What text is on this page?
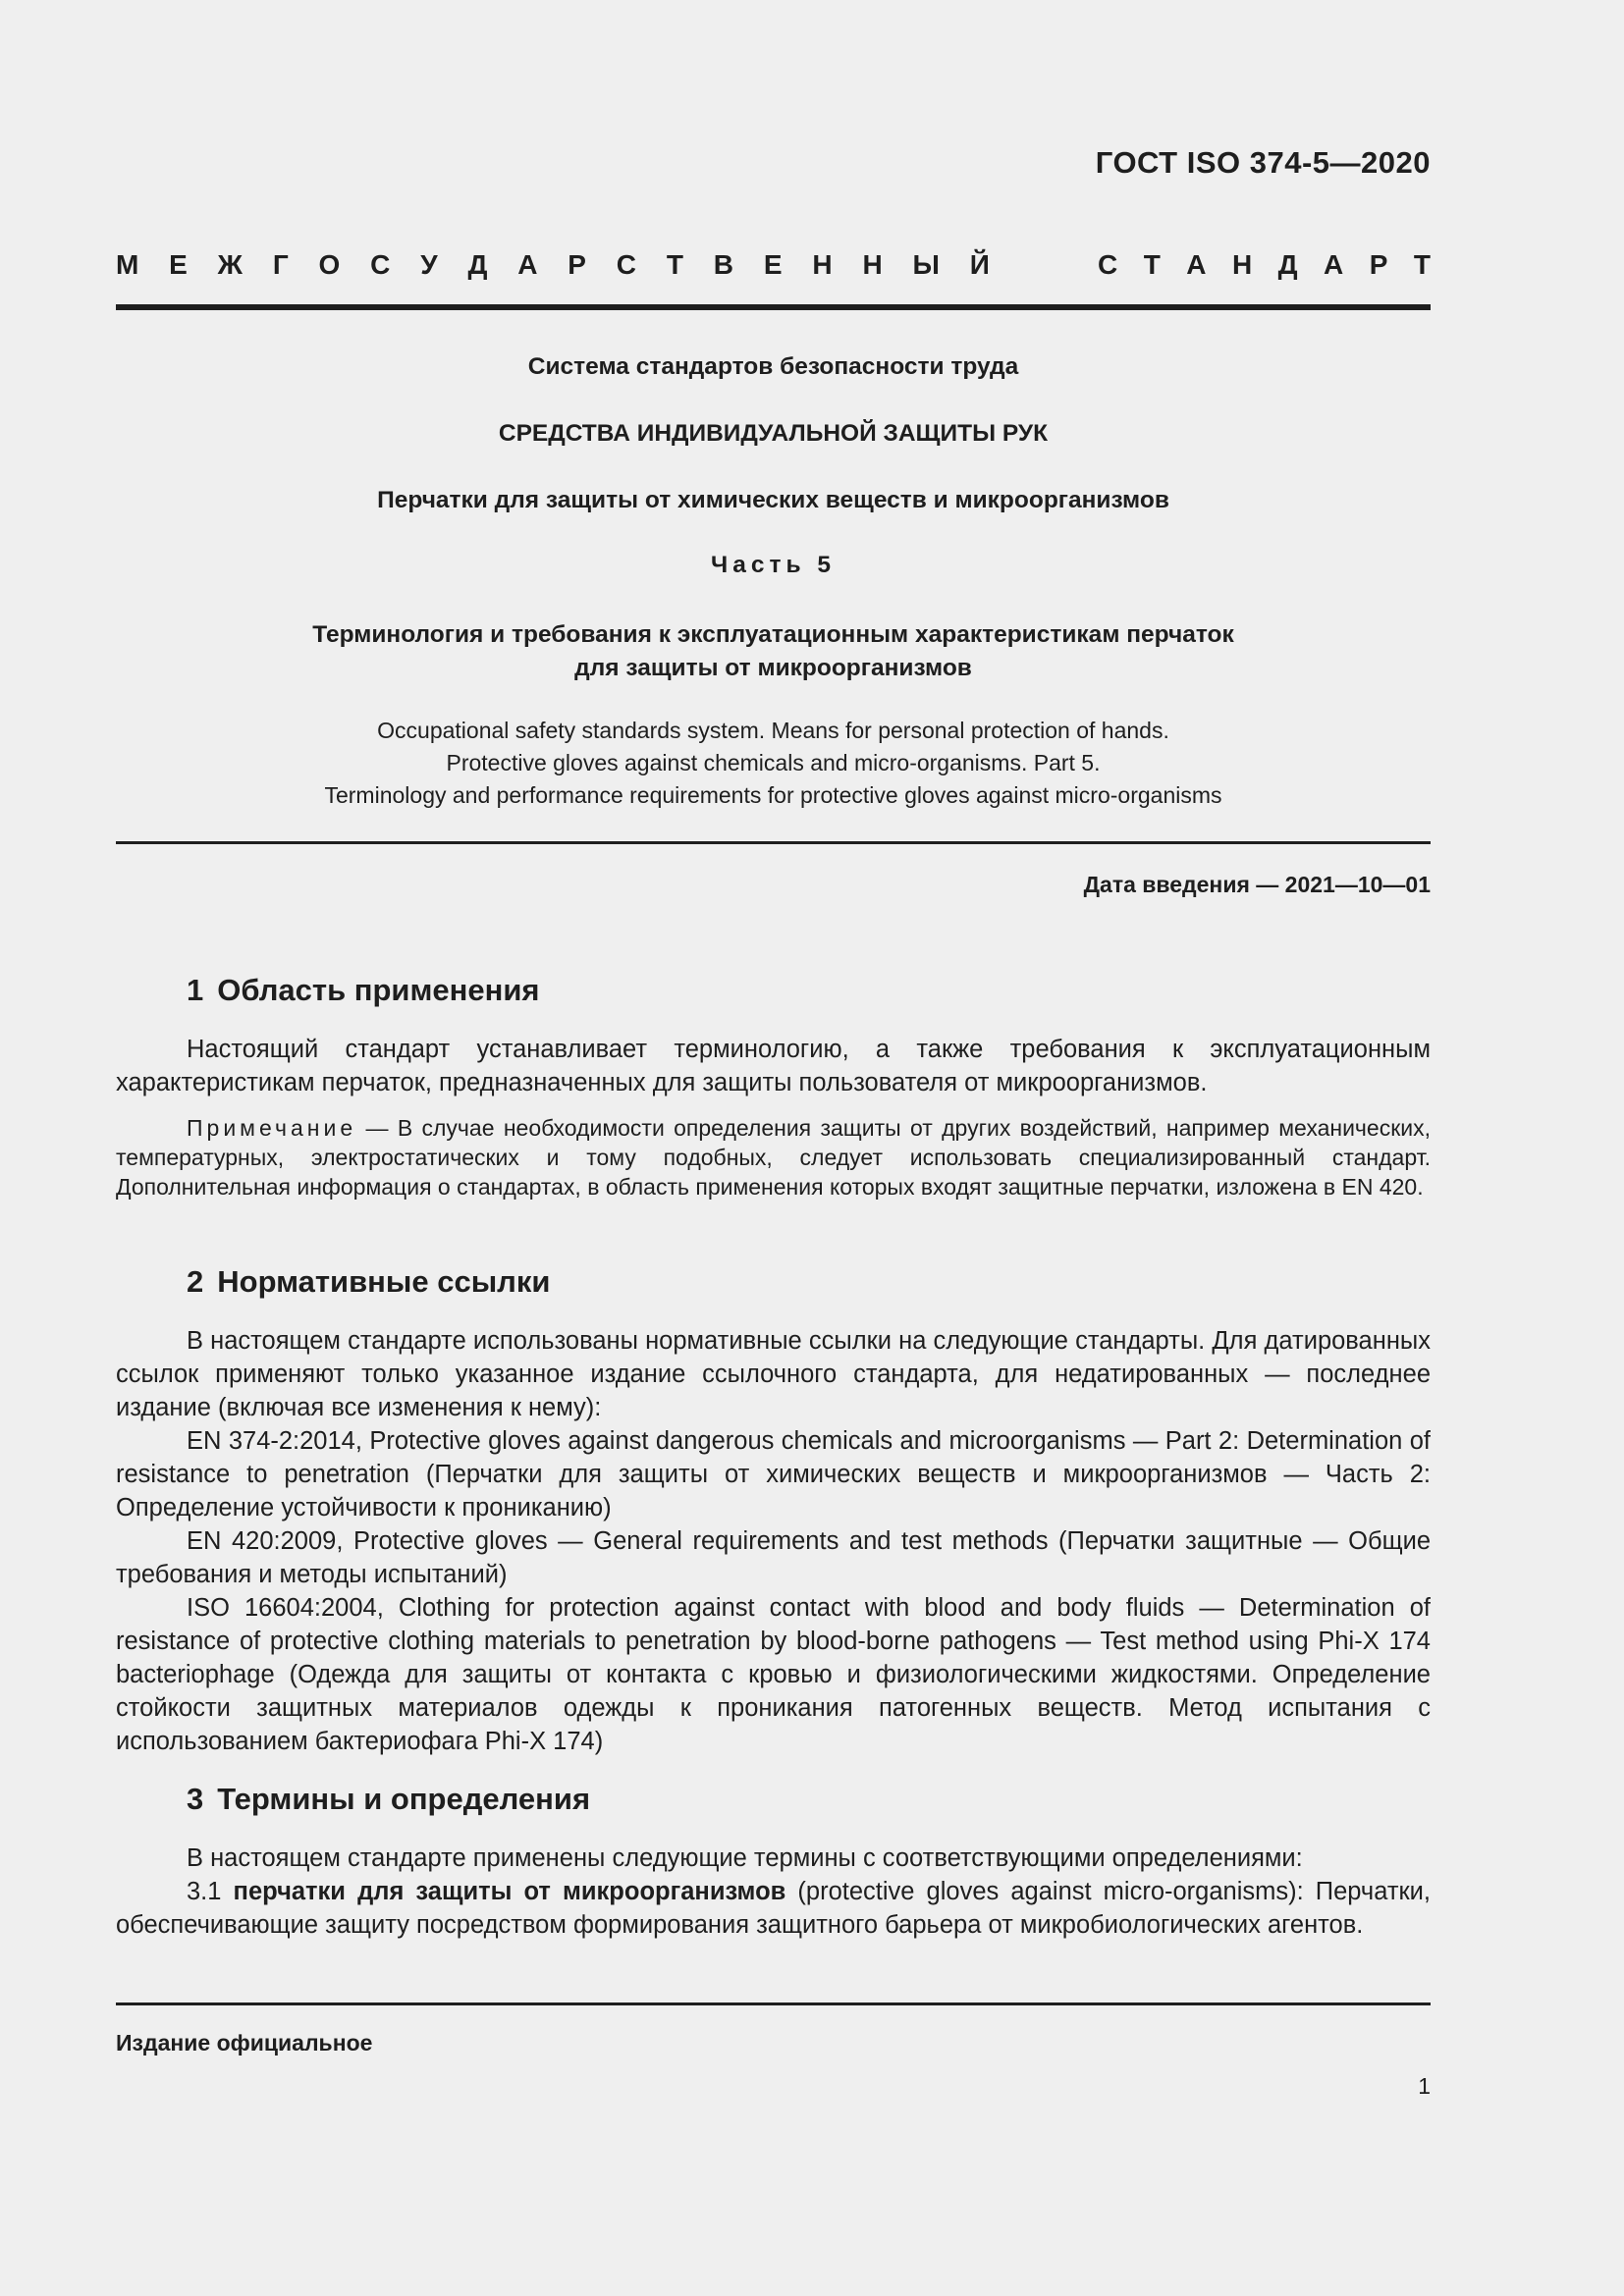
ГОСТ ISO 374-5—2020
М Е Ж Г О С У Д А Р С Т В Е Н Н Ы Й	С Т А Н Д А Р Т
Система стандартов безопасности труда
СРЕДСТВА ИНДИВИДУАЛЬНОЙ ЗАЩИТЫ РУК
Перчатки для защиты от химических веществ и микроорганизмов
Часть 5
Терминология и требования к эксплуатационным характеристикам перчаток
для защиты от микроорганизмов
Occupational safety standards system. Means for personal protection of hands.
Protective gloves against chemicals and micro-organisms. Part 5.
Terminology and performance requirements for protective gloves against micro-organisms
Дата введения — 2021—10—01
1 Область применения

Настоящий стандарт устанавливает терминологию, а также требования к эксплуатационным характеристикам перчаток, предназначенных для защиты пользователя от микроорганизмов.

Примечание — В случае необходимости определения защиты от других воздействий, например механических, температурных, электростатических и тому подобных, следует использовать специализированный стандарт. Дополнительная информация о стандартах, в область применения которых входят защитные перчатки, изложена в EN 420.

2 Нормативные ссылки

В настоящем стандарте использованы нормативные ссылки на следующие стандарты. Для датированных ссылок применяют только указанное издание ссылочного стандарта, для недатированных — последнее издание (включая все изменения к нему):

EN 374-2:2014, Protective gloves against dangerous chemicals and microorganisms — Part 2: Determination of resistance to penetration (Перчатки для защиты от химических веществ и микроорганизмов — Часть 2: Определение устойчивости к прониканию)

EN 420:2009, Protective gloves — General requirements and test methods (Перчатки защитные — Общие требования и методы испытаний)

ISO 16604:2004, Clothing for protection against contact with blood and body fluids — Determination of resistance of protective clothing materials to penetration by blood-borne pathogens — Test method using Phi-X 174 bacteriophage (Одежда для защиты от контакта с кровью и физиологическими жидкостями. Определение стойкости защитных материалов одежды к проникания патогенных веществ. Метод испытания с использованием бактериофага Phi-X 174)

3 Термины и определения

В настоящем стандарте применены следующие термины с соответствующими определениями:

3.1 перчатки для защиты от микроорганизмов (protective gloves against micro-organisms): Перчатки, обеспечивающие защиту посредством формирования защитного барьера от микробиологических агентов.

Издание официальное
1
